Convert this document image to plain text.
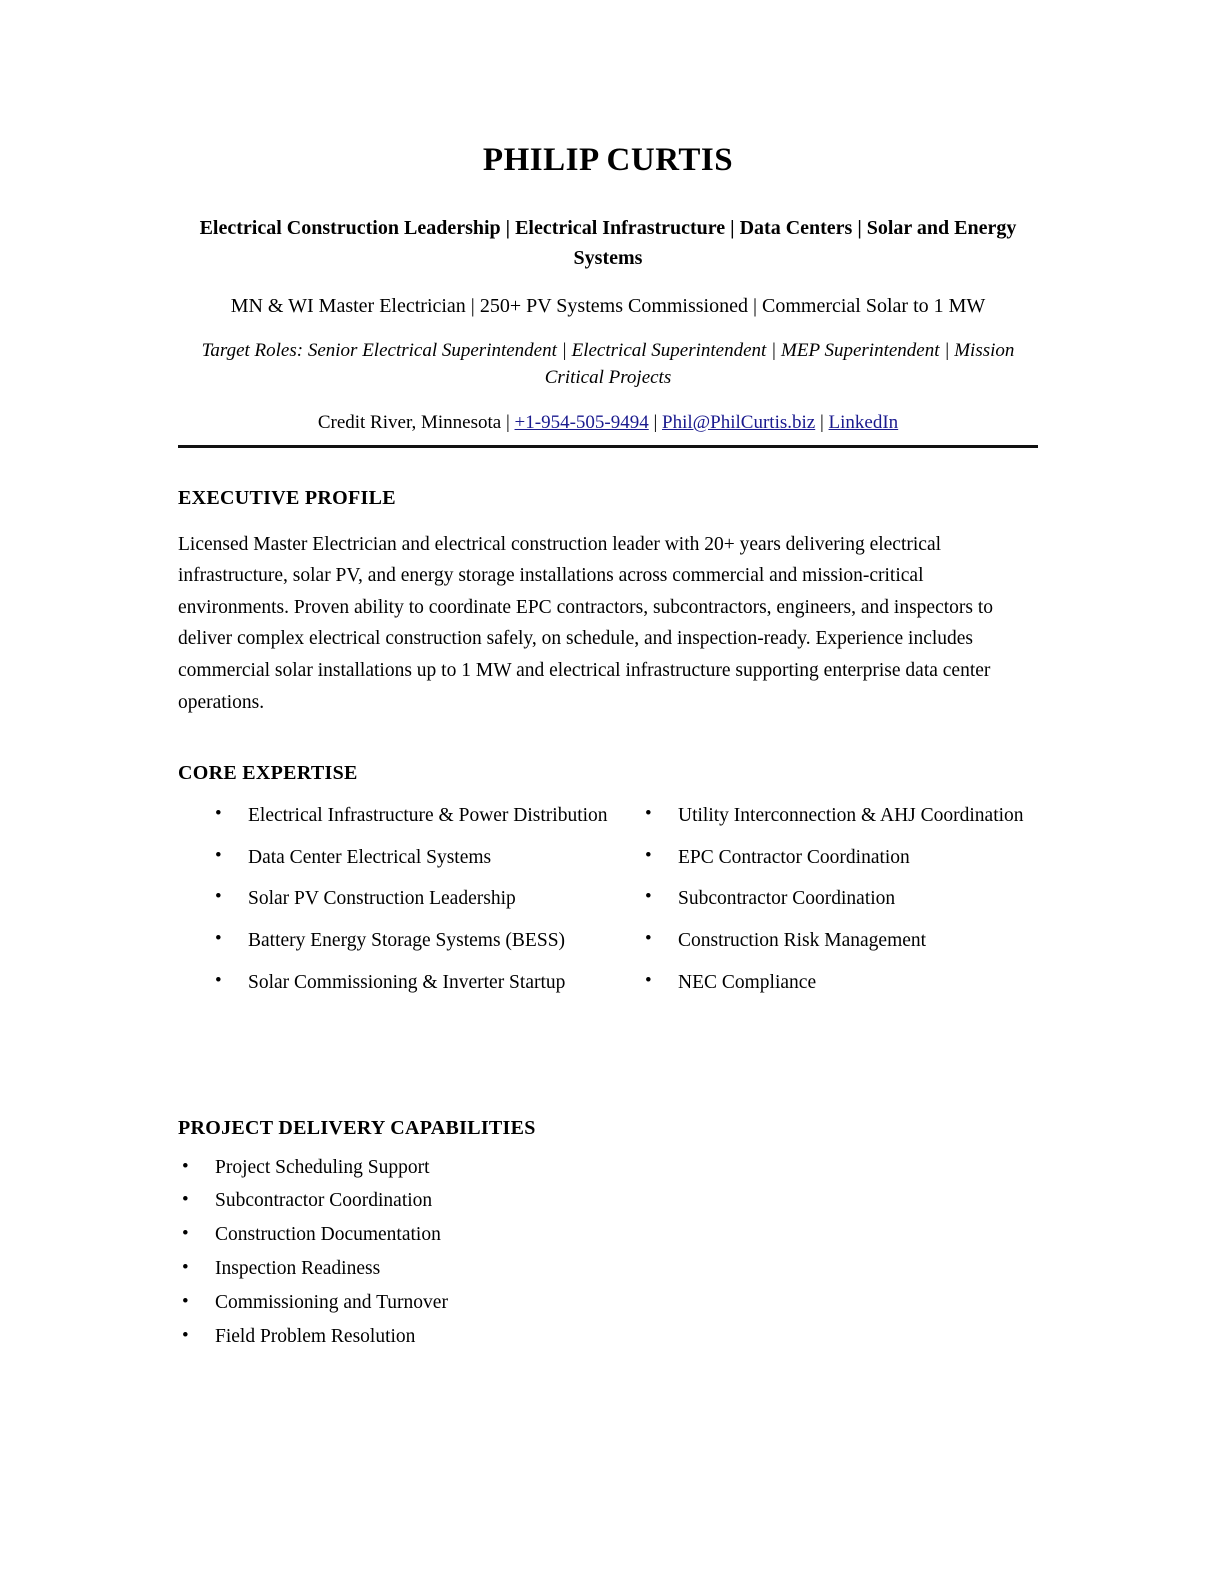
PHILIP CURTIS

Electrical Construction Leadership | Electrical Infrastructure | Data Centers | Solar and Energy Systems

MN & WI Master Electrician | 250+ PV Systems Commissioned | Commercial Solar to 1 MW

Target Roles: Senior Electrical Superintendent | Electrical Superintendent | MEP Superintendent | Mission Critical Projects

Credit River, Minnesota | +1-954-505-9494 | Phil@PhilCurtis.biz | LinkedIn

EXECUTIVE PROFILE

Licensed Master Electrician and electrical construction leader with 20+ years delivering electrical infrastructure, solar PV, and energy storage installations across commercial and mission-critical environments. Proven ability to coordinate EPC contractors, subcontractors, engineers, and inspectors to deliver complex electrical construction safely, on schedule, and inspection-ready. Experience includes commercial solar installations up to 1 MW and electrical infrastructure supporting enterprise data center operations.

CORE EXPERTISE
• Electrical Infrastructure & Power Distribution
• Data Center Electrical Systems
• Solar PV Construction Leadership
• Battery Energy Storage Systems (BESS)
• Solar Commissioning & Inverter Startup
• Utility Interconnection & AHJ Coordination
• EPC Contractor Coordination
• Subcontractor Coordination
• Construction Risk Management
• NEC Compliance
PROJECT DELIVERY CAPABILITIES
• Project Scheduling Support
• Subcontractor Coordination
• Construction Documentation
• Inspection Readiness
• Commissioning and Turnover
• Field Problem Resolution
